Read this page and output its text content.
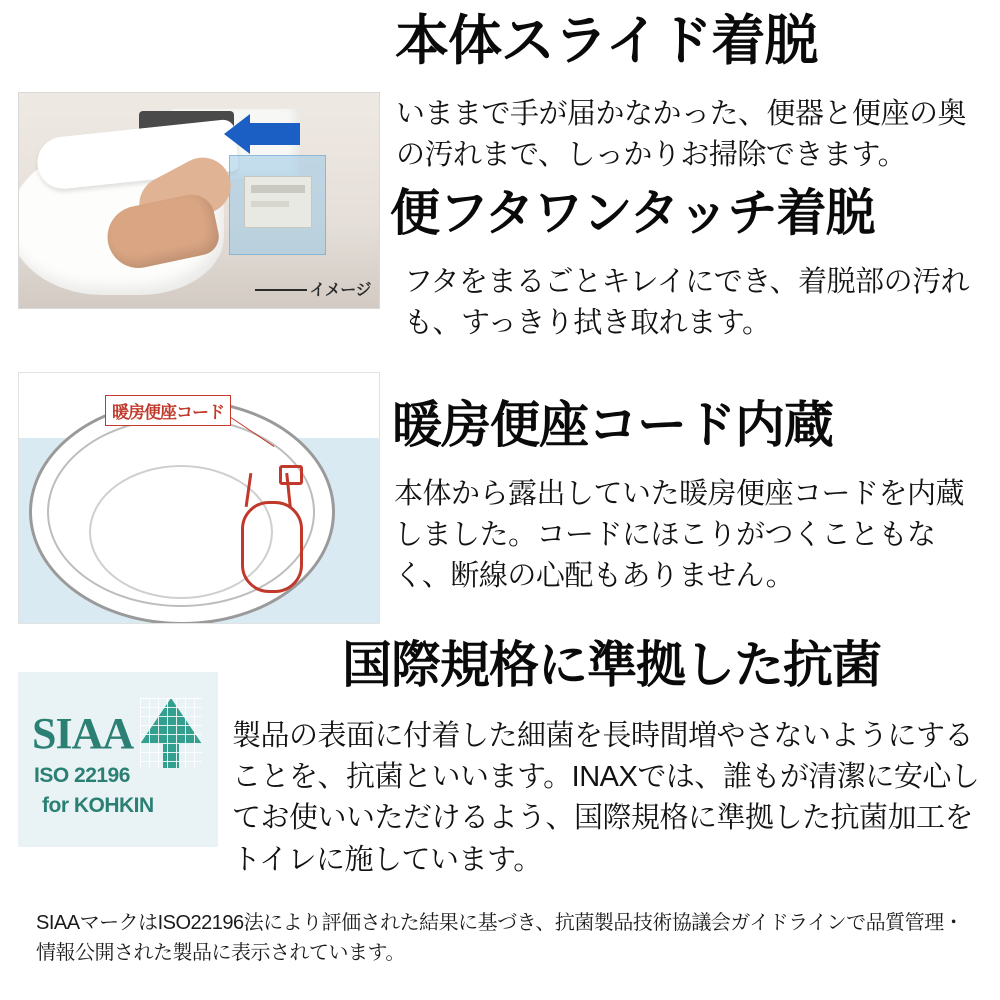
イメージ
本体スライド着脱
いままで手が届かなかった、便器と便座の奥の汚れまで、しっかりお掃除できます。
便フタワンタッチ着脱
フタをまるごとキレイにでき、着脱部の汚れも、すっきり拭き取れます。
暖房便座コード	暖房便座コード内蔵
本体から露出していた暖房便座コードを内蔵しました。コードにほこりがつくこともなく、断線の心配もありません。
SIAA
ISO 22196
for KOHKIN
国際規格に準拠した抗菌
製品の表面に付着した細菌を長時間増やさないようにすることを、抗菌といいます。INAXでは、誰もが清潔に安心してお使いいただけるよう、国際規格に準拠した抗菌加工をトイレに施しています。
SIAAマークはISO22196法により評価された結果に基づき、抗菌製品技術協議会ガイドラインで品質管理・情報公開された製品に表示されています。
